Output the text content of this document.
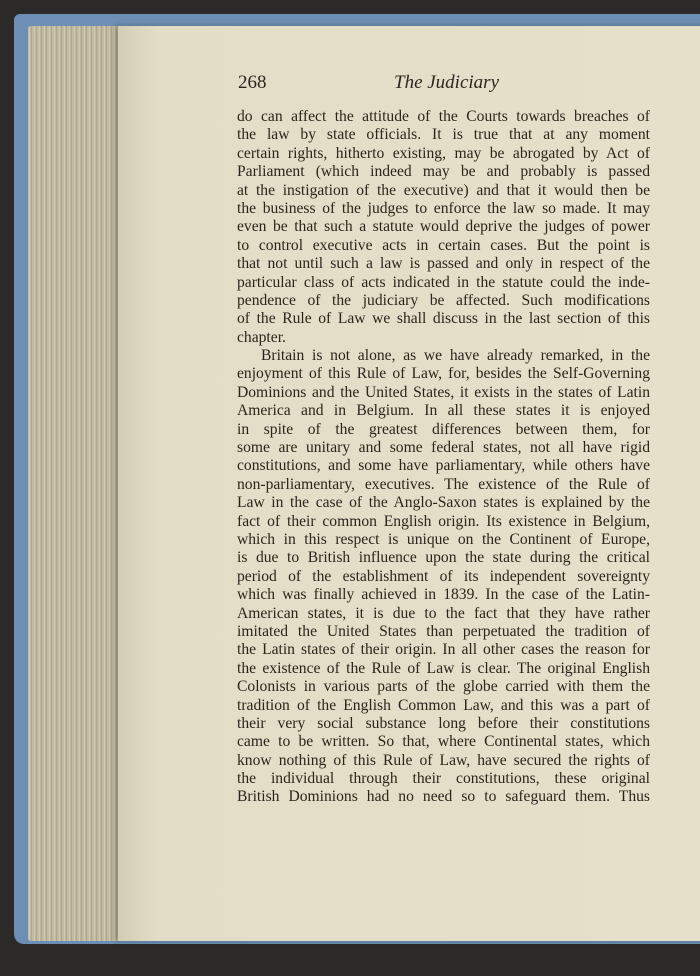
268	The Judiciary
do can affect the attitude of the Courts towards breaches of
the law by state officials. It is true that at any moment
certain rights, hitherto existing, may be abrogated by Act of
Parliament (which indeed may be and probably is passed
at the instigation of the executive) and that it would then be
the business of the judges to enforce the law so made. It may
even be that such a statute would deprive the judges of power
to control executive acts in certain cases. But the point is
that not until such a law is passed and only in respect of the
particular class of acts indicated in the statute could the inde-
pendence of the judiciary be affected. Such modifications
of the Rule of Law we shall discuss in the last section of this
chapter.
Britain is not alone, as we have already remarked, in the
enjoyment of this Rule of Law, for, besides the Self-Governing
Dominions and the United States, it exists in the states of Latin
America and in Belgium. In all these states it is enjoyed
in spite of the greatest differences between them, for
some are unitary and some federal states, not all have rigid
constitutions, and some have parliamentary, while others have
non-parliamentary, executives. The existence of the Rule of
Law in the case of the Anglo-Saxon states is explained by the
fact of their common English origin. Its existence in Belgium,
which in this respect is unique on the Continent of Europe,
is due to British influence upon the state during the critical
period of the establishment of its independent sovereignty
which was finally achieved in 1839. In the case of the Latin-
American states, it is due to the fact that they have rather
imitated the United States than perpetuated the tradition of
the Latin states of their origin. In all other cases the reason for
the existence of the Rule of Law is clear. The original English
Colonists in various parts of the globe carried with them the
tradition of the English Common Law, and this was a part of
their very social substance long before their constitutions
came to be written. So that, where Continental states, which
know nothing of this Rule of Law, have secured the rights of
the individual through their constitutions, these original
British Dominions had no need so to safeguard them. Thus
